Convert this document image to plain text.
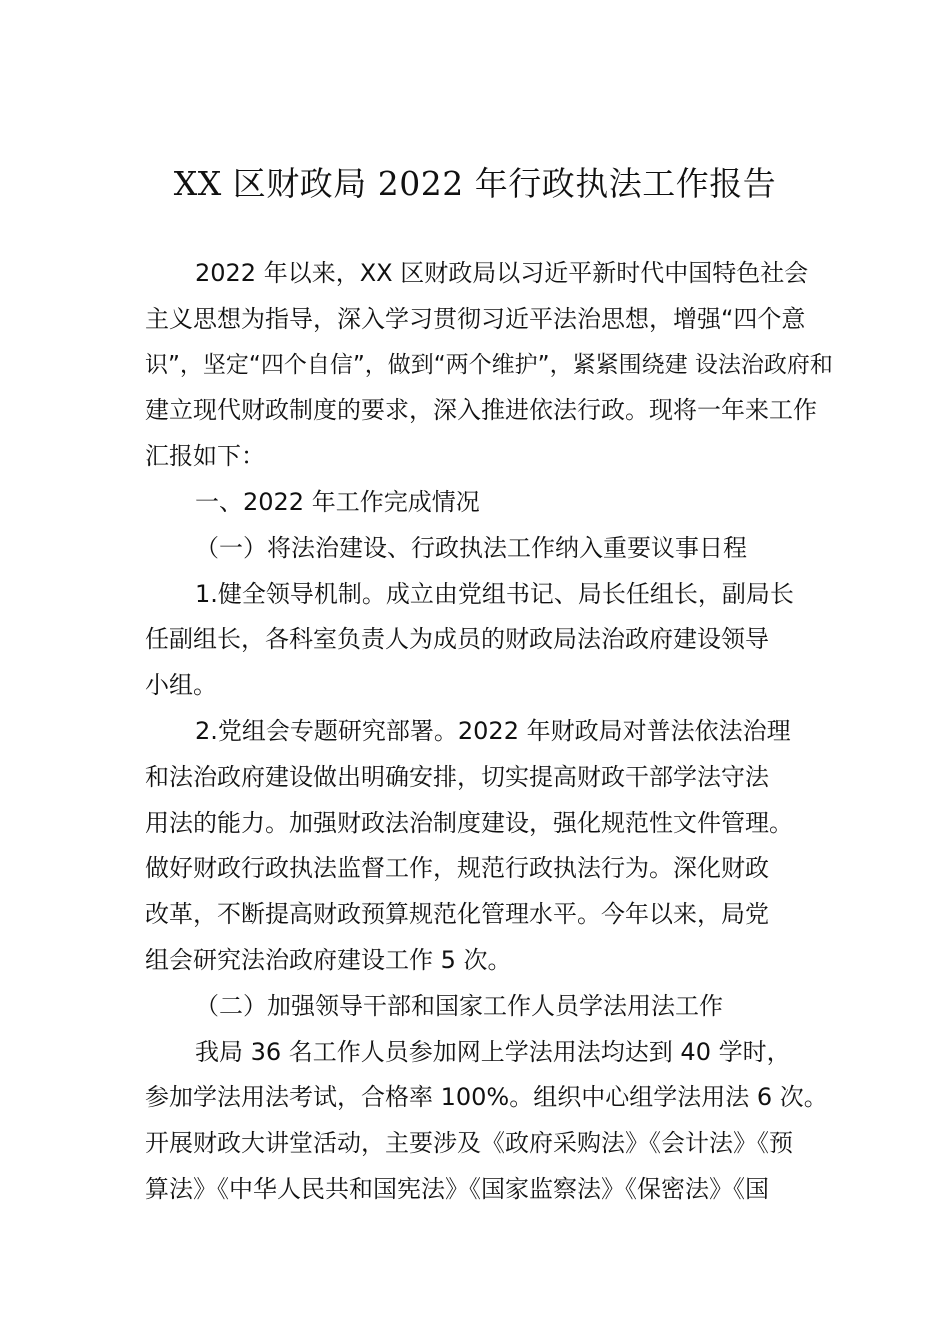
XX 区财政局 2022 年行政执法工作报告
2022 年以来，XX 区财政局以习近平新时代中国特色社会
主义思想为指导，深入学习贯彻习近平法治思想，增强“四个意
识”，坚定“四个自信”，做到“两个维护”，紧紧围绕建 设法治政府和
建立现代财政制度的要求，深入推进依法行政。现将一年来工作
汇报如下：
一、2022 年工作完成情况
（一）将法治建设、行政执法工作纳入重要议事日程
1.健全领导机制。成立由党组书记、局长任组长，副局长
任副组长，各科室负责人为成员的财政局法治政府建设领导
小组。
2.党组会专题研究部署。2022 年财政局对普法依法治理
和法治政府建设做出明确安排，切实提高财政干部学法守法
用法的能力。加强财政法治制度建设，强化规范性文件管理。
做好财政行政执法监督工作，规范行政执法行为。深化财政
改革，不断提高财政预算规范化管理水平。今年以来，局党
组会研究法治政府建设工作 5 次。
（二）加强领导干部和国家工作人员学法用法工作
我局 36 名工作人员参加网上学法用法均达到 40 学时，
参加学法用法考试，合格率 100%。组织中心组学法用法 6 次。
开展财政大讲堂活动，主要涉及《政府采购法》《会计法》《预
算法》《中华人民共和国宪法》《国家监察法》《保密法》《国
